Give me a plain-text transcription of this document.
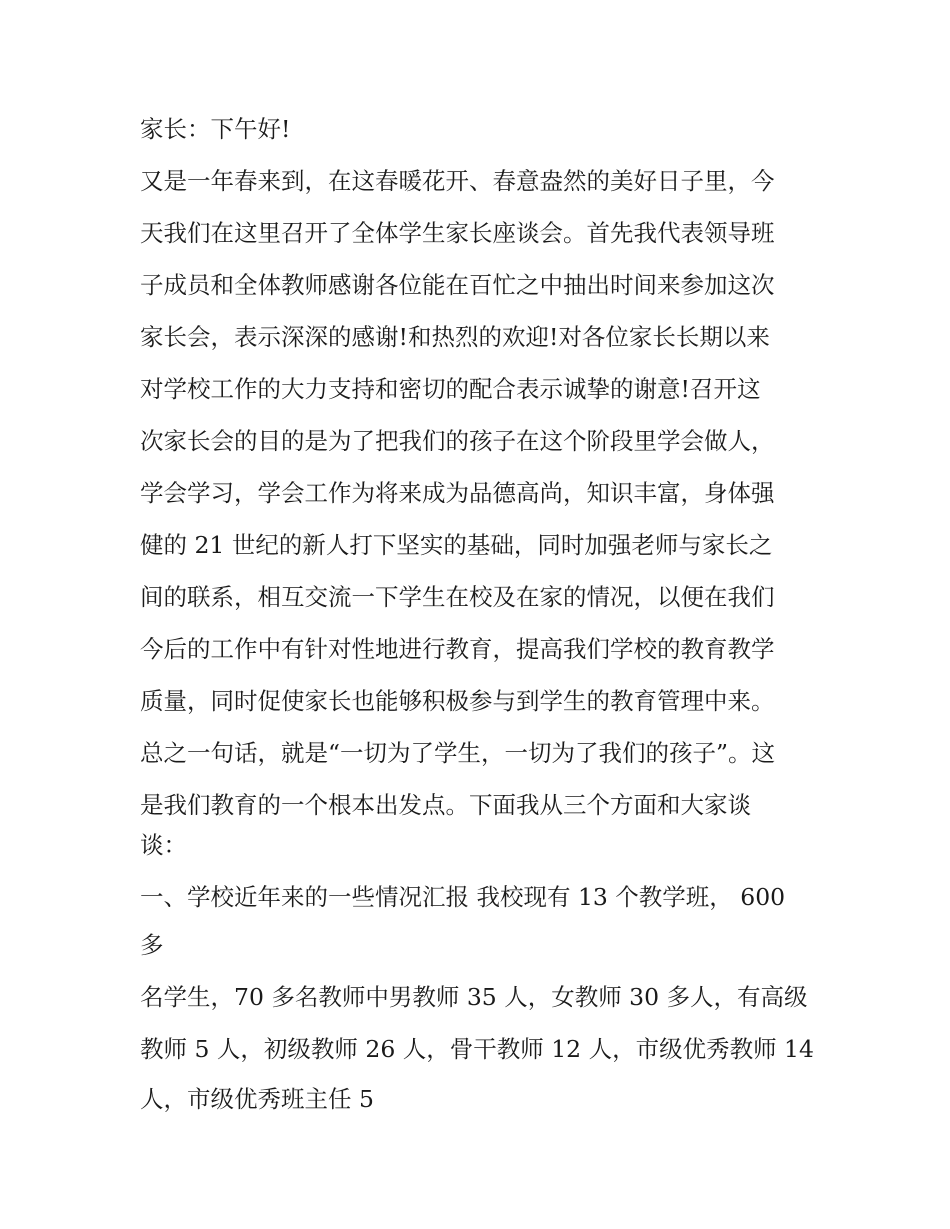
家长：下午好!

又是一年春来到，在这春暖花开、春意盎然的美好日子里，今

天我们在这里召开了全体学生家长座谈会。首先我代表领导班

子成员和全体教师感谢各位能在百忙之中抽出时间来参加这次

家长会，表示深深的感谢!和热烈的欢迎!对各位家长长期以来

对学校工作的大力支持和密切的配合表示诚挚的谢意!召开这

次家长会的目的是为了把我们的孩子在这个阶段里学会做人，

学会学习，学会工作为将来成为品德高尚，知识丰富，身体强

健的 21 世纪的新人打下坚实的基础，同时加强老师与家长之

间的联系，相互交流一下学生在校及在家的情况，以便在我们

今后的工作中有针对性地进行教育，提高我们学校的教育教学

质量，同时促使家长也能够积极参与到学生的教育管理中来。

总之一句话，就是“一切为了学生，一切为了我们的孩子”。这

是我们教育的一个根本出发点。下面我从三个方面和大家谈

谈：

一、学校近年来的一些情况汇报 我校现有 13 个教学班， 600

多

名学生，70 多名教师中男教师 35 人，女教师 30 多人，有高级

教师 5 人，初级教师 26 人，骨干教师 12 人，市级优秀教师 14

人，市级优秀班主任 5
